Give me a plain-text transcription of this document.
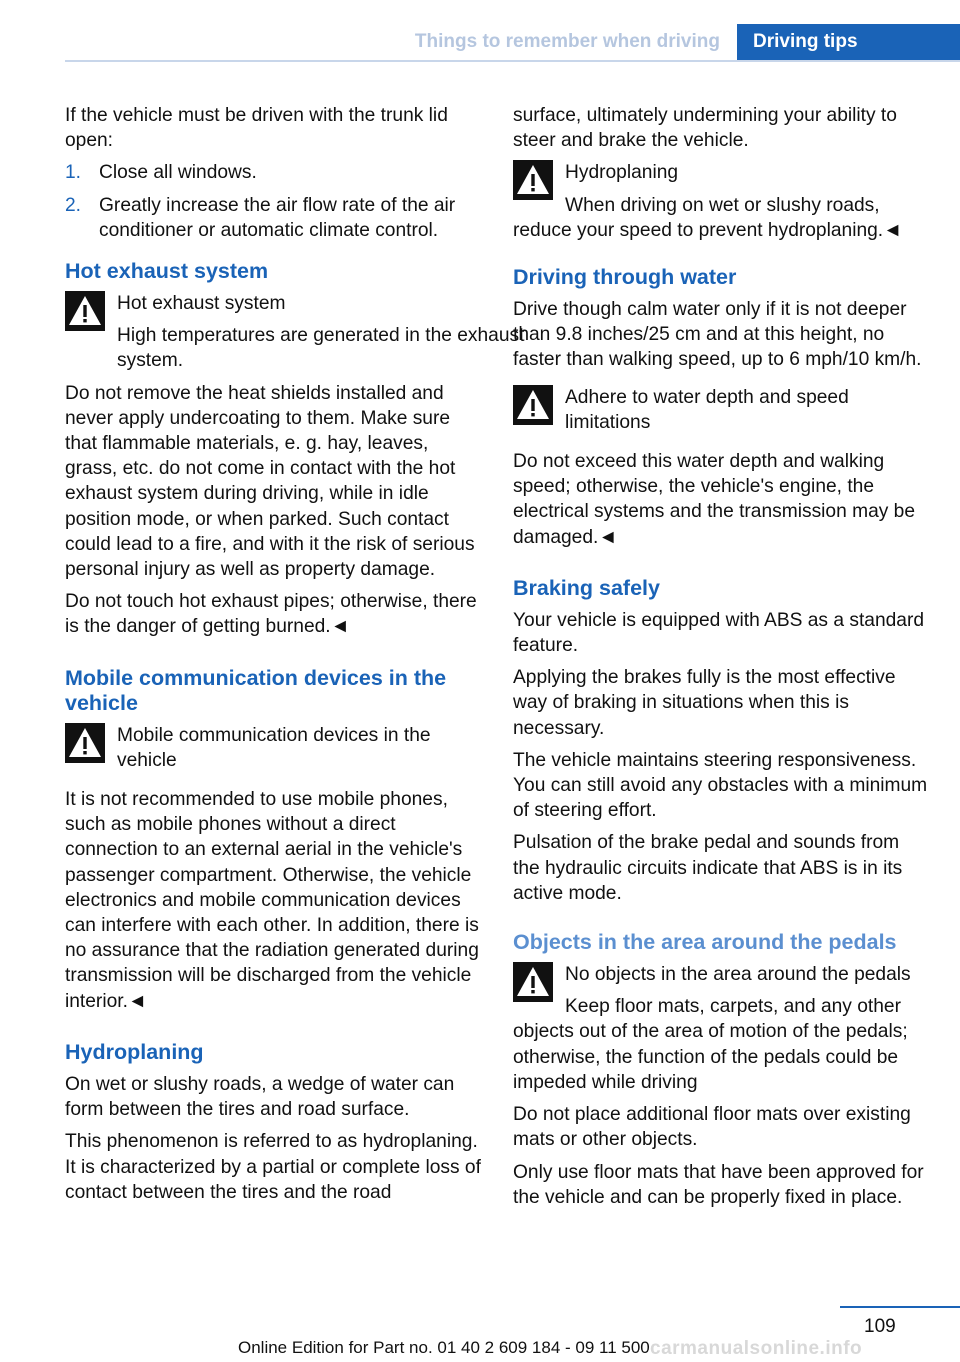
Things to remember when driving	Driving tips

If the vehicle must be driven with the trunk lid open:

1. Close all windows.
2. Greatly increase the air flow rate of the air conditioner or automatic climate control.
Hot exhaust system
Hot exhaust system
High temperatures are generated in the exhaust system.

Do not remove the heat shields installed and never apply undercoating to them. Make sure that flammable materials, e. g. hay, leaves, grass, etc. do not come in contact with the hot exhaust system during driving, while in idle position mode, or when parked. Such contact could lead to a fire, and with it the risk of serious personal injury as well as property damage.

Do not touch hot exhaust pipes; otherwise, there is the danger of getting burned.◄

Mobile communication devices in the vehicle
Mobile communication devices in the vehicle

It is not recommended to use mobile phones, such as mobile phones without a direct connection to an external aerial in the vehicle's passenger compartment. Otherwise, the vehicle electronics and mobile communication devices can interfere with each other. In addition, there is no assurance that the radiation generated during transmission will be discharged from the vehicle interior.◄

Hydroplaning

On wet or slushy roads, a wedge of water can form between the tires and road surface.

This phenomenon is referred to as hydroplaning. It is characterized by a partial or complete loss of contact between the tires and the road

surface, ultimately undermining your ability to steer and brake the vehicle.

Hydroplaning
When driving on wet or slushy roads, reduce your speed to prevent hydroplaning.◄
Driving through water

Drive though calm water only if it is not deeper than 9.8 inches/25 cm and at this height, no faster than walking speed, up to 6 mph/10 km/h.

Adhere to water depth and speed limitations

Do not exceed this water depth and walking speed; otherwise, the vehicle's engine, the electrical systems and the transmission may be damaged.◄

Braking safely

Your vehicle is equipped with ABS as a standard feature.

Applying the brakes fully is the most effective way of braking in situations when this is necessary.

The vehicle maintains steering responsiveness. You can still avoid any obstacles with a minimum of steering effort.

Pulsation of the brake pedal and sounds from the hydraulic circuits indicate that ABS is in its active mode.

Objects in the area around the pedals
No objects in the area around the pedals
Keep floor mats, carpets, and any other objects out of the area of motion of the pedals; otherwise, the function of the pedals could be impeded while driving

Do not place additional floor mats over existing mats or other objects.

Only use floor mats that have been approved for the vehicle and can be properly fixed in place.

109
Online Edition for Part no. 01 40 2 609 184 - 09 11 500 carmanualsonline.info
